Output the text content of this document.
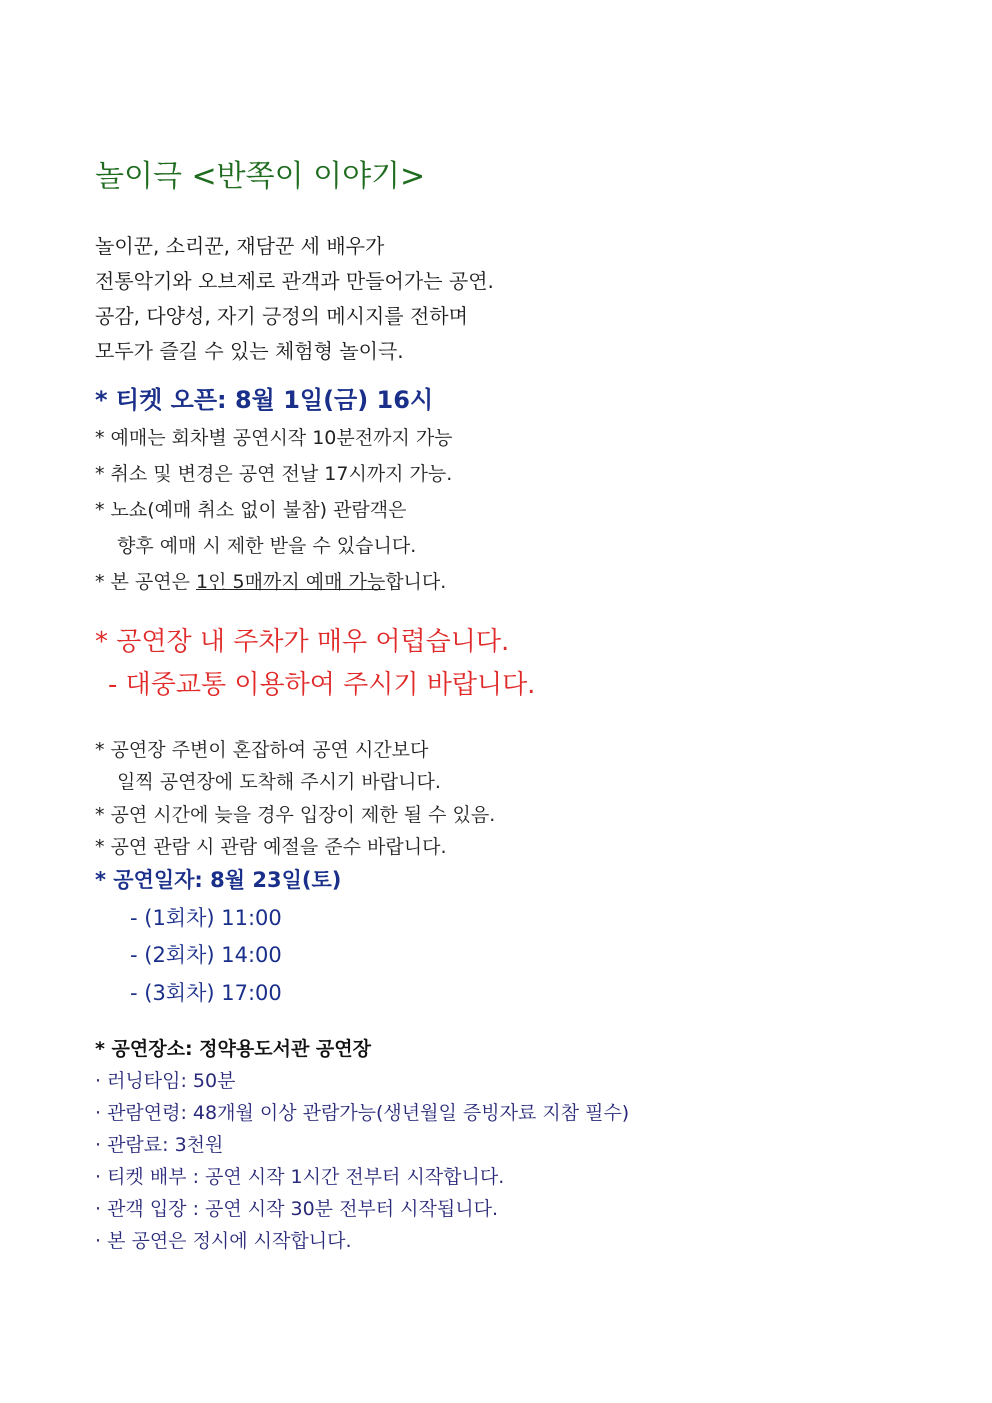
놀이극 <반쪽이 이야기>
놀이꾼, 소리꾼, 재담꾼 세 배우가
전통악기와 오브제로 관객과 만들어가는 공연.
공감, 다양성, 자기 긍정의 메시지를 전하며
모두가 즐길 수 있는 체험형 놀이극.
* 티켓 오픈: 8월 1일(금) 16시
* 예매는 회차별 공연시작 10분전까지 가능
* 취소 및 변경은 공연 전날 17시까지 가능.
* 노쇼(예매 취소 없이 불참) 관람객은
향후 예매 시 제한 받을 수 있습니다.
* 본 공연은 1인 5매까지 예매 가능합니다.
* 공연장 내 주차가 매우 어렵습니다.
- 대중교통 이용하여 주시기 바랍니다.
* 공연장 주변이 혼잡하여 공연 시간보다
일찍 공연장에 도착해 주시기 바랍니다.
* 공연 시간에 늦을 경우 입장이 제한 될 수 있음.
* 공연 관람 시 관람 예절을 준수 바랍니다.
* 공연일자: 8월 23일(토)
- (1회차) 11:00
- (2회차) 14:00
- (3회차) 17:00
* 공연장소: 정약용도서관 공연장
· 러닝타임: 50분
· 관람연령: 48개월 이상 관람가능(생년월일 증빙자료 지참 필수)
· 관람료: 3천원
· 티켓 배부 : 공연 시작 1시간 전부터 시작합니다.
· 관객 입장 : 공연 시작 30분 전부터 시작됩니다.
· 본 공연은 정시에 시작합니다.
